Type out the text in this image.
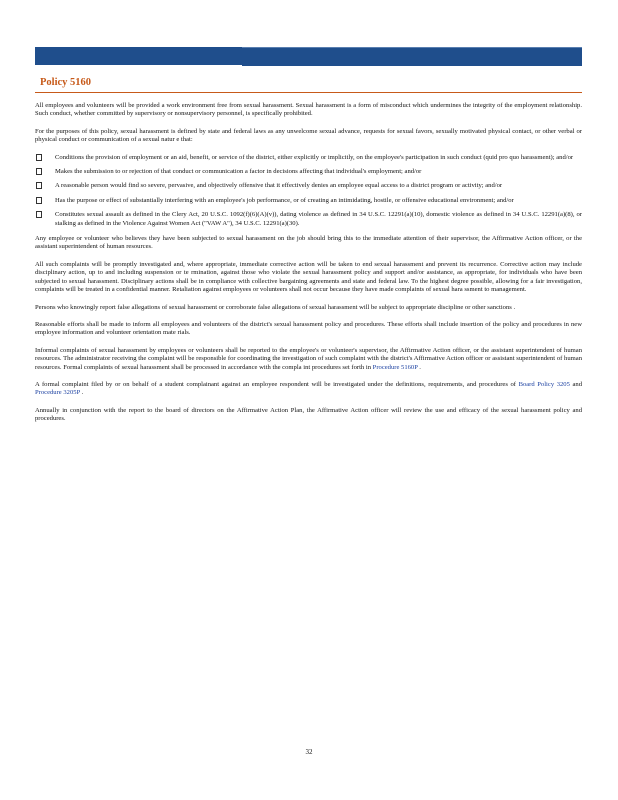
Sex ual Harassment of District Staff

Policy 5160

All employees and volunteers will be provided a work environment free from sexual harassment. Sexual harassment is a form of misconduct which undermines the integrity of the employment relationship. Such conduct, whether committed by supervisory or nonsupervisory personnel, is specifically prohibited.

For the purposes of this policy, sexual harassment is defined by state and federal laws as any unwelcome sexual advance, requests for sexual favors, sexually motivated physical contact, or other verbal or physical conduct or communication of a sexual natur e that:

Conditions the provision of employment or an aid, benefit, or service of the district, either explicitly or implicitly, on the employee's participation in such conduct (quid pro quo harassment); and/or
Makes the submission to or rejection of that conduct or communication a factor in decisions affecting that individual's employment; and/or
A reasonable person would find so severe, pervasive, and objectively offensive that it effectively denies an employee equal access to a district program or activity; and/or
Has the purpose or effect of substantially interfering with an employee's job performance, or of creating an intimidating, hostile, or offensive educational environment; and/or
Constitutes sexual assault as defined in the Clery Act, 20 U.S.C. 1092(f)(6)(A)(v)), dating violence as defined in 34 U.S.C. 12291(a)(10), domestic violence as defined in 34 U.S.C. 12291(a)(8), or stalking as defined in the Violence Against Women Act ("VAW A"), 34 U.S.C. 12291(a)(30).

Any employee or volunteer who believes they have been subjected to sexual harassment on the job should bring this to the immediate attention of their supervisor, the Affirmative Action officer, or the assistant superintendent of human resources.

All such complaints will be promptly investigated and, where appropriate, immediate corrective action will be taken to end sexual harassment and prevent its recurrence. Corrective action may include disciplinary action, up to and including suspension or te rmination, against those who violate the sexual harassment policy and support and/or assistance, as appropriate, for individuals who have been subjected to sexual harassment. Disciplinary actions shall be in compliance with collective bargaining agreements and state and federal law. To the highest degree possible, allowing for a fair investigation, complaints will be treated in a confidential manner. Retaliation against employees or volunteers shall not occur because they have made complaints of sexual hara ssment to management.

Persons who knowingly report false allegations of sexual harassment or corroborate false allegations of sexual harassment will be subject to appropriate discipline or other sanctions .

Reasonable efforts shall be made to inform all employees and volunteers of the district's sexual harassment policy and procedures. These efforts shall include insertion of the policy and procedures in new employee information and volunteer orientation mate rials.

Informal complaints of sexual harassment by employees or volunteers shall be reported to the employee's or volunteer's supervisor, the Affirmative Action officer, or the assistant superintendent of human resources. The administrator receiving the complaint will be responsible for coordinating the investigation of such complaint with the district's Affirmative Action officer or assistant superintendent of human resources. Formal complaints of sexual harassment shall be processed in accordance with the compla int procedures set forth in Procedure 5160P .

A formal complaint filed by or on behalf of a student complainant against an employee respondent will be investigated under the definitions, requirements, and procedures of Board Policy 3205 and Procedure 3205P .

Annually in conjunction with the report to the board of directors on the Affirmative Action Plan, the Affirmative Action officer will review the use and efficacy of the sexual harassment policy and procedures.

32
